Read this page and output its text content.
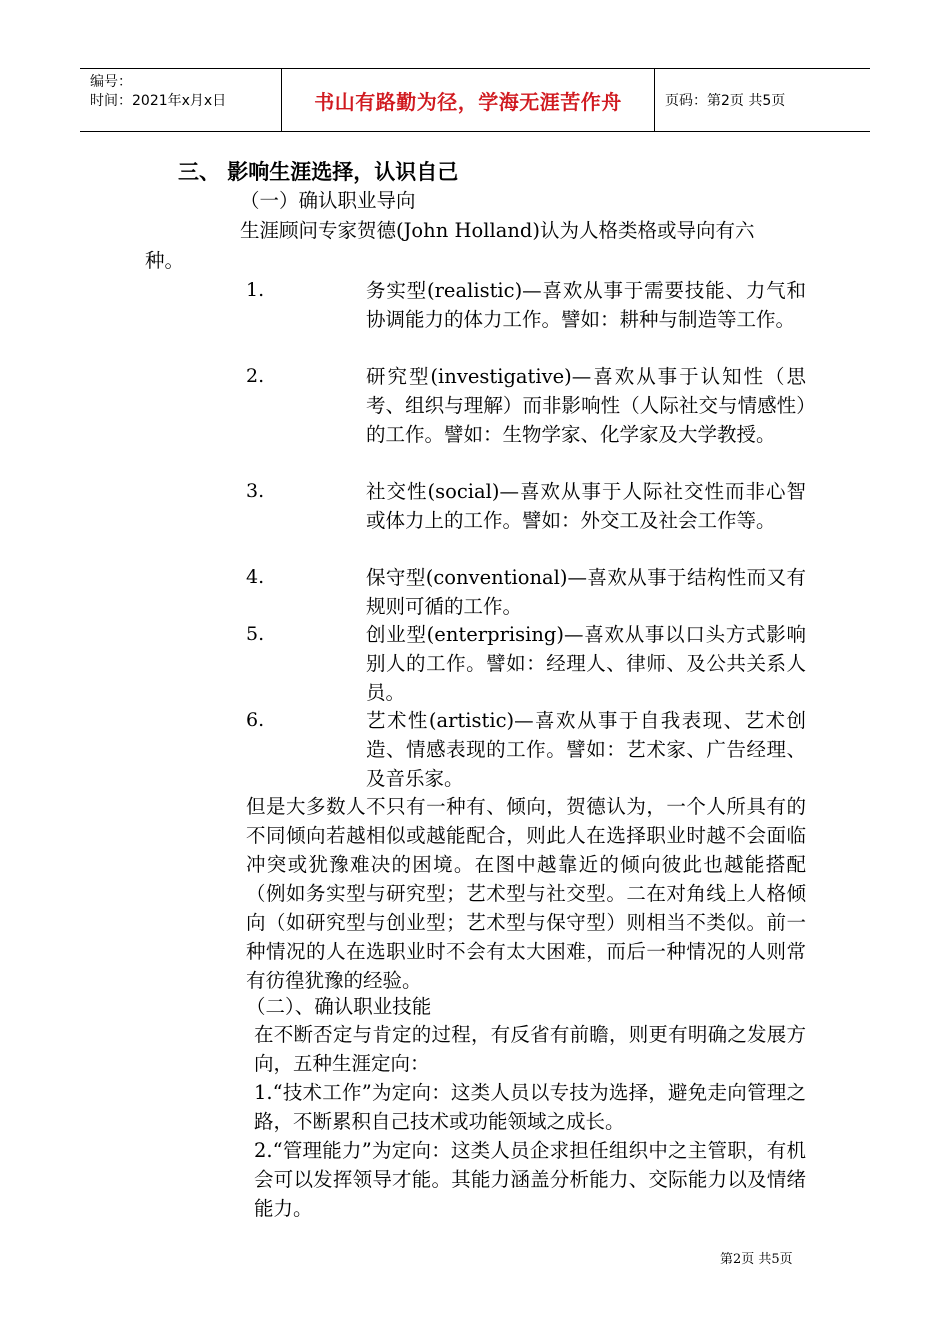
编号：
时间：2021年x月x日	书山有路勤为径，学海无涯苦作舟	页码：第2页 共5页
三、 影响生涯选择，认识自己
（一）确认职业导向
生涯顾问专家贺德(John Holland)认为人格类格或导向有六
种。
1.	务实型(realistic)—喜欢从事于需要技能、力气和协调能力的体力工作。譬如：耕种与制造等工作。
2.	研究型(investigative)—喜欢从事于认知性（思考、组织与理解）而非影响性（人际社交与情感性）的工作。譬如：生物学家、化学家及大学教授。
3.	社交性(social)—喜欢从事于人际社交性而非心智或体力上的工作。譬如：外交工及社会工作等。
4.	保守型(conventional)—喜欢从事于结构性而又有规则可循的工作。
5.	创业型(enterprising)—喜欢从事以口头方式影响别人的工作。譬如：经理人、律师、及公共关系人员。
6.	艺术性(artistic)—喜欢从事于自我表现、艺术创造、情感表现的工作。譬如：艺术家、广告经理、及音乐家。
但是大多数人不只有一种有、倾向，贺德认为，一个人所具有的不同倾向若越相似或越能配合，则此人在选择职业时越不会面临冲突或犹豫难决的困境。在图中越靠近的倾向彼此也越能搭配（例如务实型与研究型；艺术型与社交型。二在对角线上人格倾向（如研究型与创业型；艺术型与保守型）则相当不类似。前一种情况的人在选职业时不会有太大困难，而后一种情况的人则常有彷徨犹豫的经验。
（二）、确认职业技能
在不断否定与肯定的过程，有反省有前瞻，则更有明确之发展方向，五种生涯定向：
1.“技术工作”为定向：这类人员以专技为选择，避免走向管理之路，不断累积自己技术或功能领域之成长。
2.“管理能力”为定向：这类人员企求担任组织中之主管职，有机会可以发挥领导才能。其能力涵盖分析能力、交际能力以及情绪能力。
第2页 共5页
